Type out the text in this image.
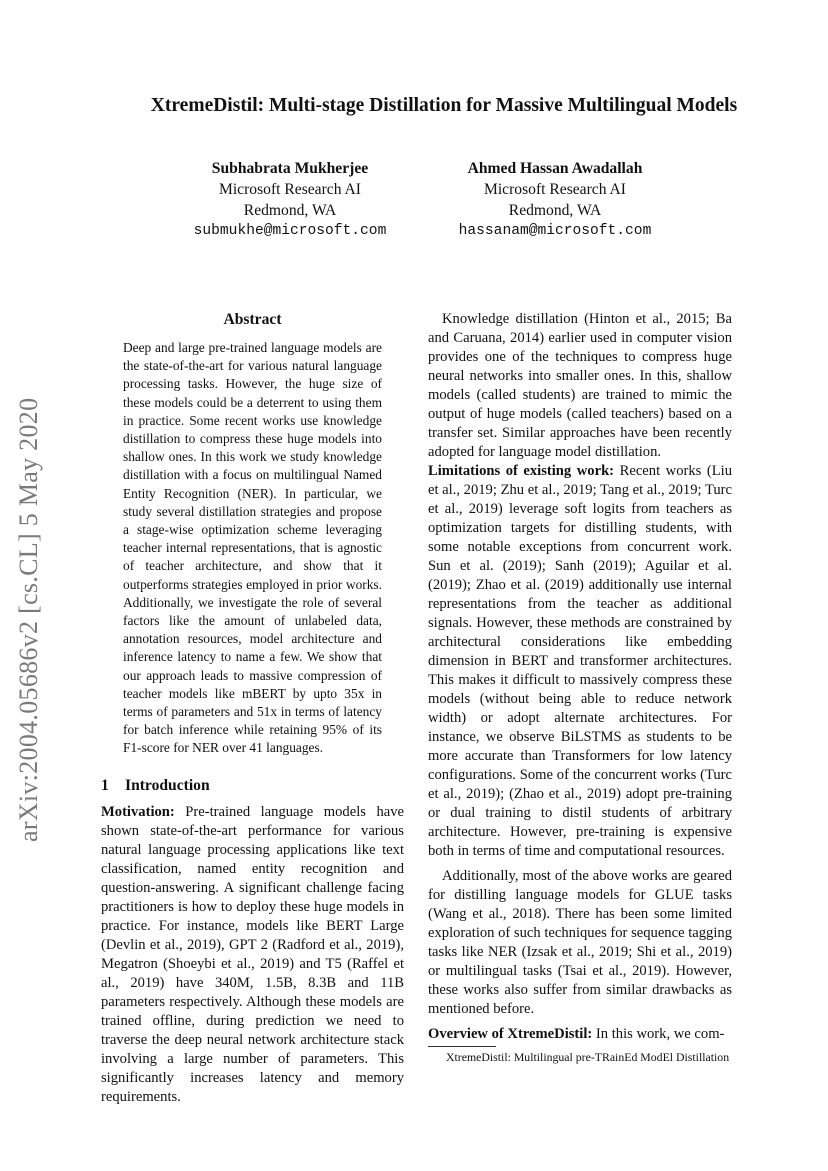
arXiv:2004.05686v2 [cs.CL] 5 May 2020
XtremeDistil: Multi-stage Distillation for Massive Multilingual Models
Subhabrata Mukherjee
Microsoft Research AI
Redmond, WA
submukhe@microsoft.com
Ahmed Hassan Awadallah
Microsoft Research AI
Redmond, WA
hassanam@microsoft.com
Abstract

Deep and large pre-trained language models are the state-of-the-art for various natural language processing tasks. However, the huge size of these models could be a deterrent to using them in practice. Some recent works use knowledge distillation to compress these huge models into shallow ones. In this work we study knowledge distillation with a focus on multilingual Named Entity Recognition (NER). In particular, we study several distillation strategies and propose a stage-wise optimization scheme leveraging teacher internal representations, that is agnostic of teacher architecture, and show that it outperforms strategies employed in prior works. Additionally, we investigate the role of several factors like the amount of unlabeled data, annotation resources, model architecture and inference latency to name a few. We show that our approach leads to massive compression of teacher models like mBERT by upto 35x in terms of parameters and 51x in terms of latency for batch inference while retaining 95% of its F1-score for NER over 41 languages.

1 Introduction

Motivation: Pre-trained language models have shown state-of-the-art performance for various natural language processing applications like text classification, named entity recognition and question-answering. A significant challenge facing practitioners is how to deploy these huge models in practice. For instance, models like BERT Large (Devlin et al., 2019), GPT 2 (Radford et al., 2019), Megatron (Shoeybi et al., 2019) and T5 (Raffel et al., 2019) have 340M, 1.5B, 8.3B and 11B parameters respectively. Although these models are trained offline, during prediction we need to traverse the deep neural network architecture stack involving a large number of parameters. This significantly increases latency and memory requirements.

Knowledge distillation (Hinton et al., 2015; Ba and Caruana, 2014) earlier used in computer vision provides one of the techniques to compress huge neural networks into smaller ones. In this, shallow models (called students) are trained to mimic the output of huge models (called teachers) based on a transfer set. Similar approaches have been recently adopted for language model distillation.

Limitations of existing work: Recent works (Liu et al., 2019; Zhu et al., 2019; Tang et al., 2019; Turc et al., 2019) leverage soft logits from teachers as optimization targets for distilling students, with some notable exceptions from concurrent work. Sun et al. (2019); Sanh (2019); Aguilar et al. (2019); Zhao et al. (2019) additionally use internal representations from the teacher as additional signals. However, these methods are constrained by architectural considerations like embedding dimension in BERT and transformer architectures. This makes it difficult to massively compress these models (without being able to reduce network width) or adopt alternate architectures. For instance, we observe BiLSTMS as students to be more accurate than Transformers for low latency configurations. Some of the concurrent works (Turc et al., 2019); (Zhao et al., 2019) adopt pre-training or dual training to distil students of arbitrary architecture. However, pre-training is expensive both in terms of time and computational resources.

Additionally, most of the above works are geared for distilling language models for GLUE tasks (Wang et al., 2018). There has been some limited exploration of such techniques for sequence tagging tasks like NER (Izsak et al., 2019; Shi et al., 2019) or multilingual tasks (Tsai et al., 2019). However, these works also suffer from similar drawbacks as mentioned before.

Overview of XtremeDistil: In this work, we com-

XtremeDistil: Multilingual pre-TRainEd ModEl Distillation
